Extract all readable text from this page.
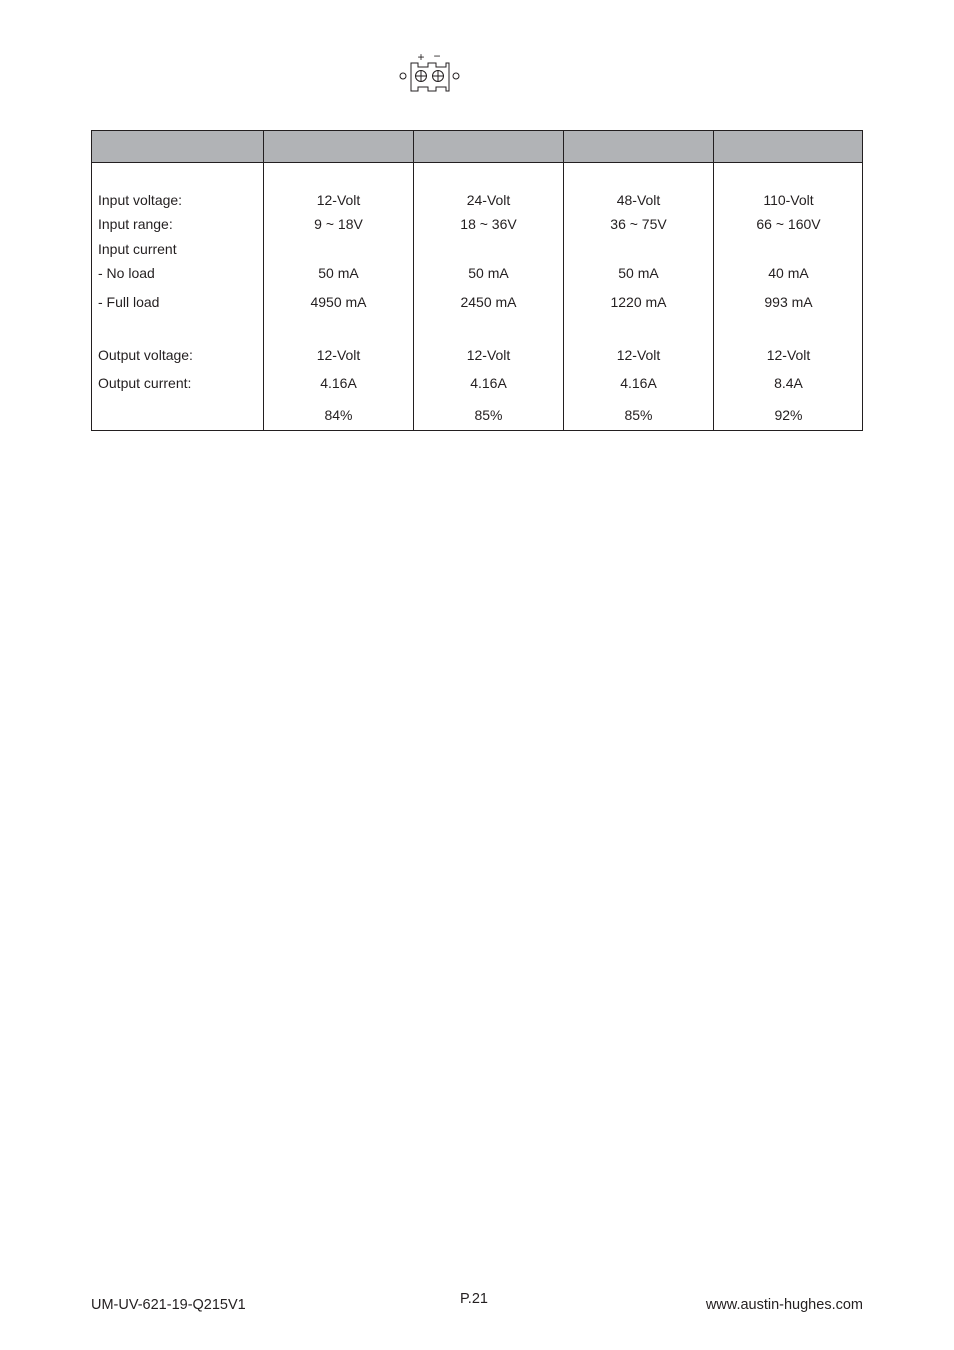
+ −
Input voltage:
Input range:
Input current
- No load
- Full load
Output voltage:
Output current:
12-Volt
9 ~ 18V
50 mA
4950 mA
12-Volt
4.16A
84%
24-Volt
18 ~ 36V
50 mA
2450 mA
12-Volt
4.16A
85%
48-Volt
36 ~ 75V
50 mA
1220 mA
12-Volt
4.16A
85%
110-Volt
66 ~ 160V
40 mA
993 mA
12-Volt
8.4A
92%
UM-UV-621-19-Q215V1	P.21	www.austin-hughes.com
